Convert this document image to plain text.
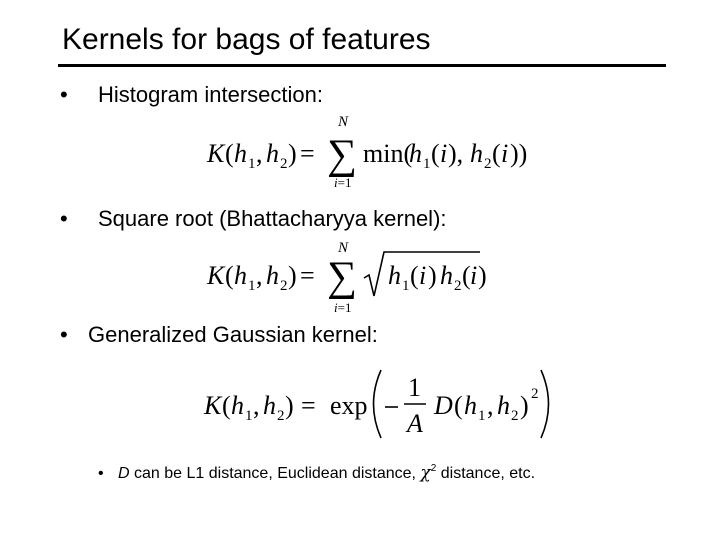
Kernels for bags of features
• Histogram intersection:
K ( h 1 , h 2 ) =
N
∑
i=1
min(
h 1 ( i ), h 2 ( i ))
• Square root (Bhattacharyya kernel):
K ( h 1 , h 2 ) =
N
∑
i=1
h 1 ( i ) h 2 ( i )
• Generalized Gaussian kernel:
K ( h 1 , h 2 ) = exp
1
A
D ( h 1 , h 2 ) 2
• D can be L1 distance, Euclidean distance, $\chi^2$ distance, etc.
